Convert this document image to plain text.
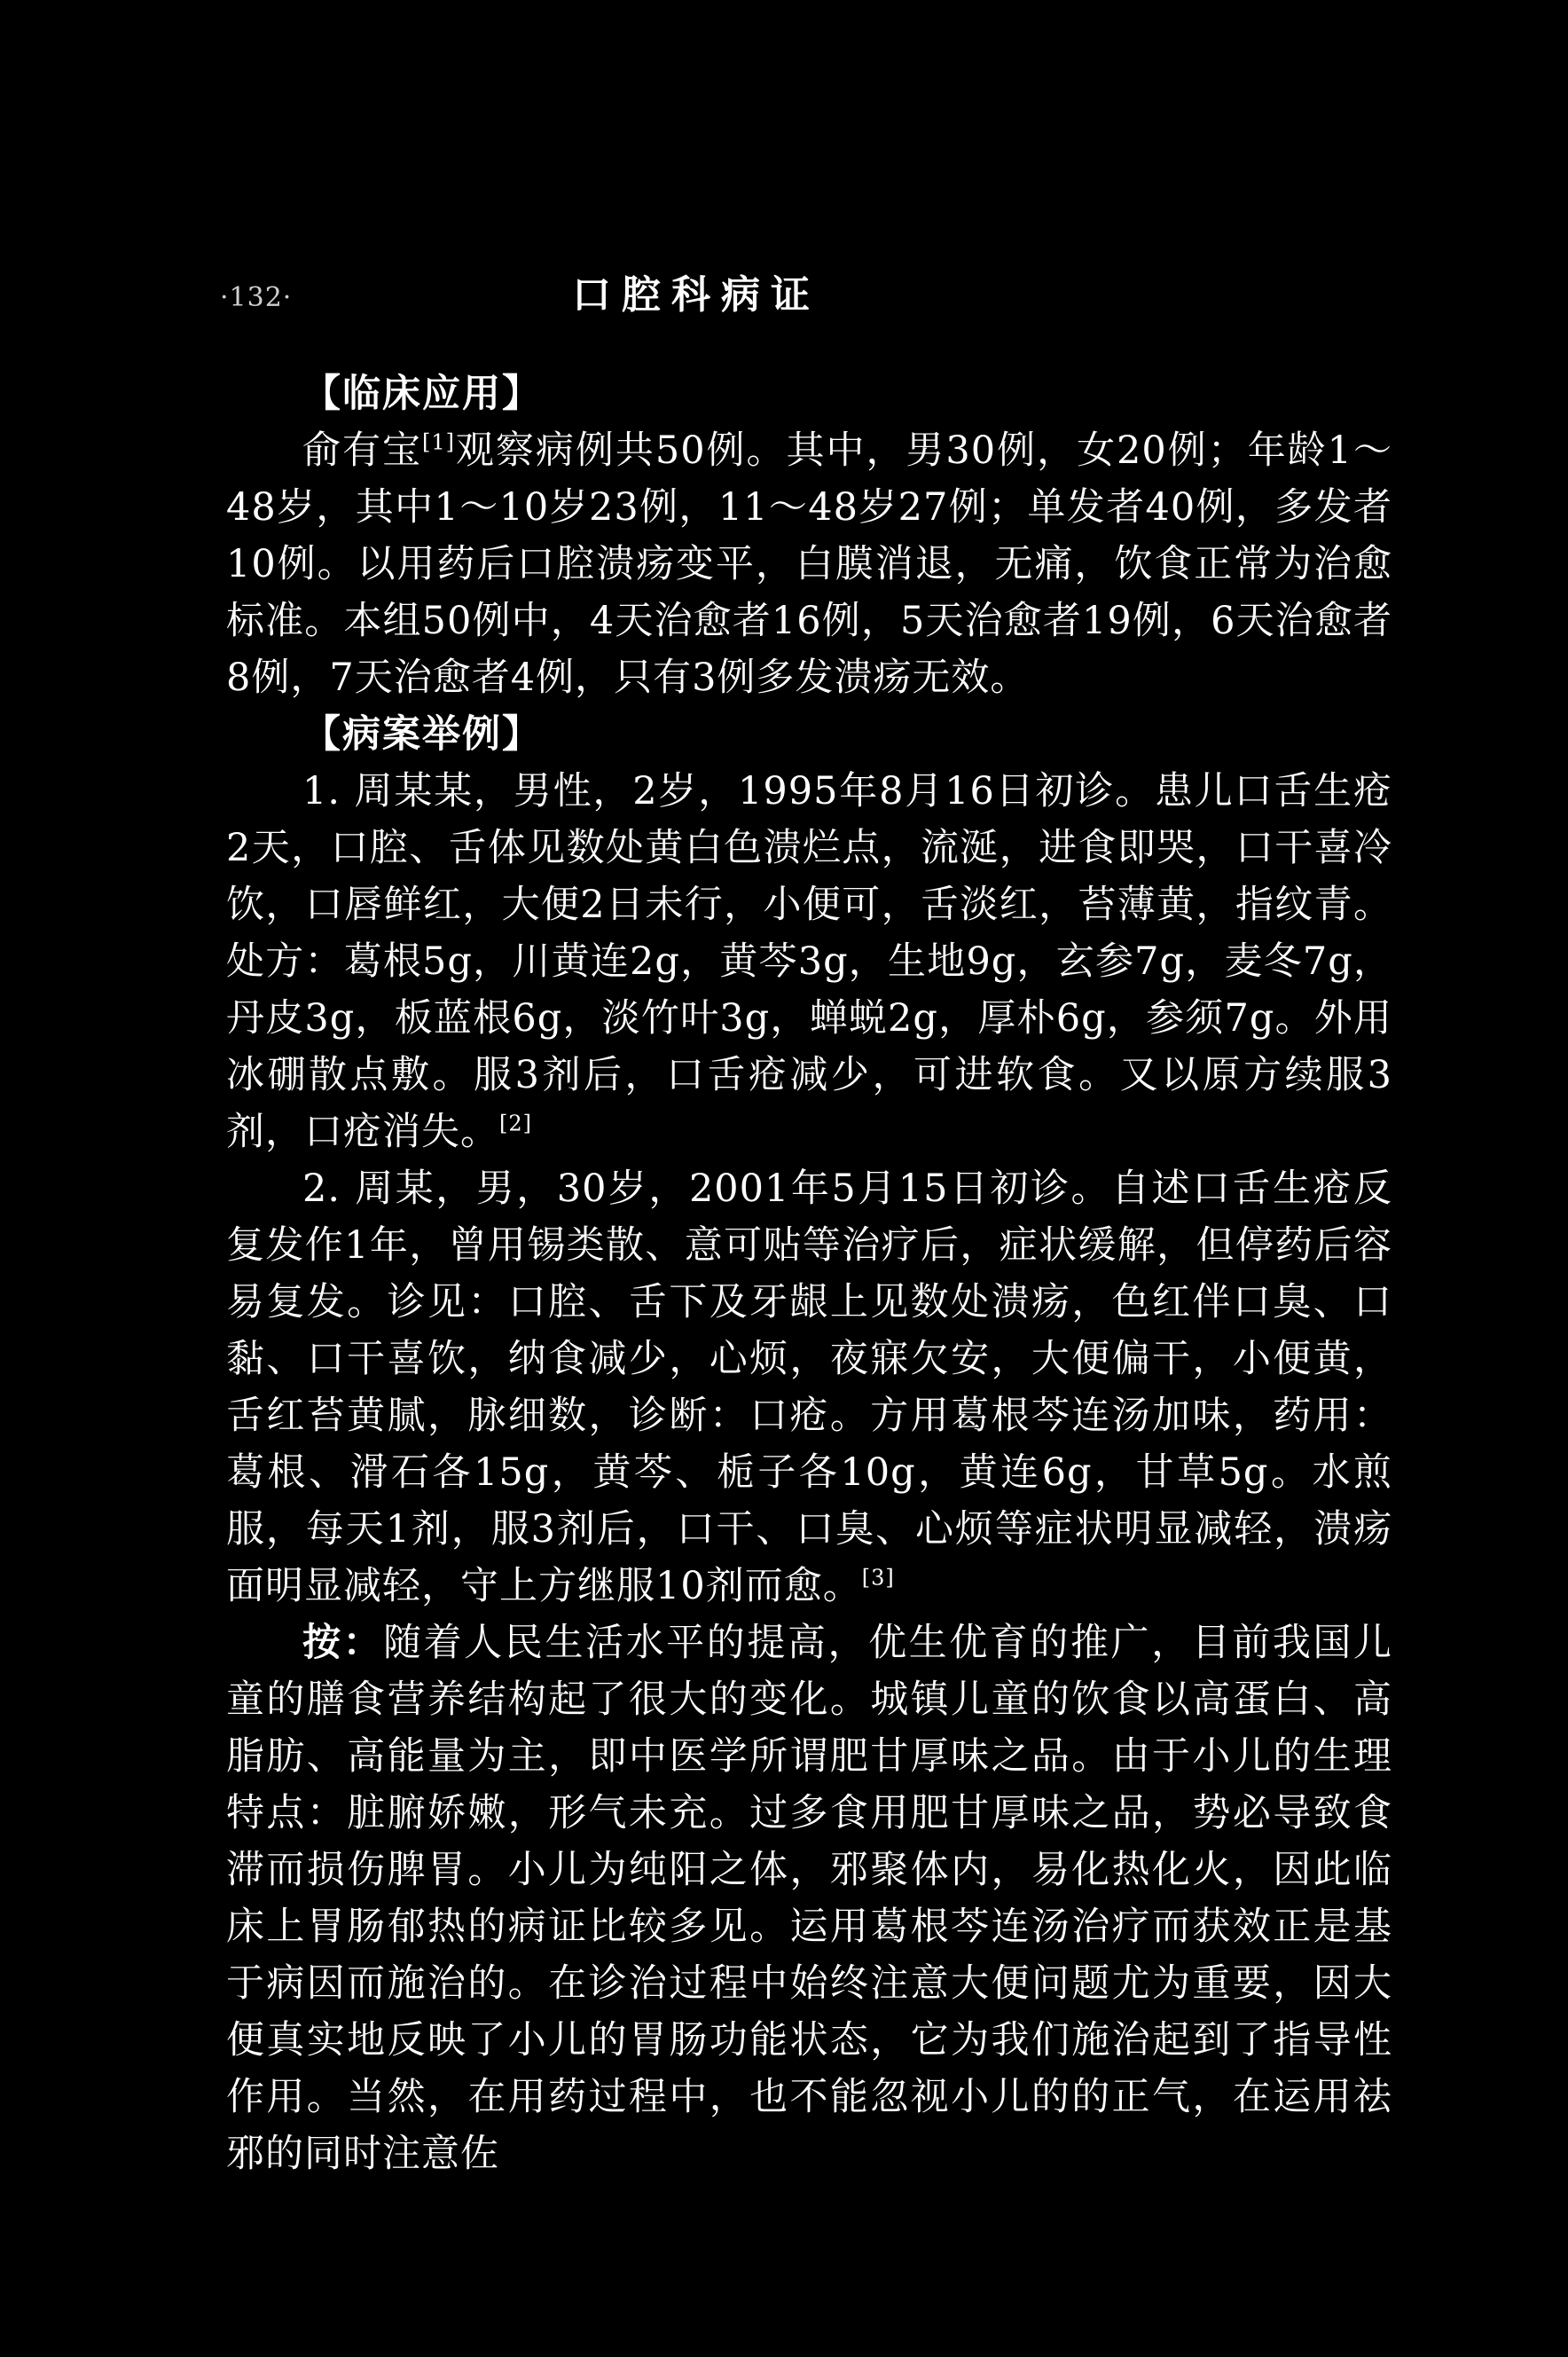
·132·	口腔科病证

【临床应用】

俞有宝[1]观察病例共50例。其中，男30例，女20例；年龄1～48岁，其中1～10岁23例，11～48岁27例；单发者40例，多发者10例。以用药后口腔溃疡变平，白膜消退，无痛，饮食正常为治愈标准。本组50例中，4天治愈者16例，5天治愈者19例，6天治愈者8例，7天治愈者4例，只有3例多发溃疡无效。

【病案举例】

1. 周某某，男性，2岁，1995年8月16日初诊。患儿口舌生疮2天，口腔、舌体见数处黄白色溃烂点，流涎，进食即哭，口干喜冷饮，口唇鲜红，大便2日未行，小便可，舌淡红，苔薄黄，指纹青。处方：葛根5g，川黄连2g，黄芩3g，生地9g，玄参7g，麦冬7g，丹皮3g，板蓝根6g，淡竹叶3g，蝉蜕2g，厚朴6g，参须7g。外用冰硼散点敷。服3剂后，口舌疮减少，可进软食。又以原方续服3剂，口疮消失。[2]

2. 周某，男，30岁，2001年5月15日初诊。自述口舌生疮反复发作1年，曾用锡类散、意可贴等治疗后，症状缓解，但停药后容易复发。诊见：口腔、舌下及牙龈上见数处溃疡，色红伴口臭、口黏、口干喜饮，纳食减少，心烦，夜寐欠安，大便偏干，小便黄，舌红苔黄腻，脉细数，诊断：口疮。方用葛根芩连汤加味，药用：葛根、滑石各15g，黄芩、栀子各10g，黄连6g，甘草5g。水煎服，每天1剂，服3剂后，口干、口臭、心烦等症状明显减轻，溃疡面明显减轻，守上方继服10剂而愈。[3]

按：随着人民生活水平的提高，优生优育的推广，目前我国儿童的膳食营养结构起了很大的变化。城镇儿童的饮食以高蛋白、高脂肪、高能量为主，即中医学所谓肥甘厚味之品。由于小儿的生理特点：脏腑娇嫩，形气未充。过多食用肥甘厚味之品，势必导致食滞而损伤脾胃。小儿为纯阳之体，邪聚体内，易化热化火，因此临床上胃肠郁热的病证比较多见。运用葛根芩连汤治疗而获效正是基于病因而施治的。在诊治过程中始终注意大便问题尤为重要，因大便真实地反映了小儿的胃肠功能状态，它为我们施治起到了指导性作用。当然，在用药过程中，也不能忽视小儿的的正气，在运用祛邪的同时注意佐
